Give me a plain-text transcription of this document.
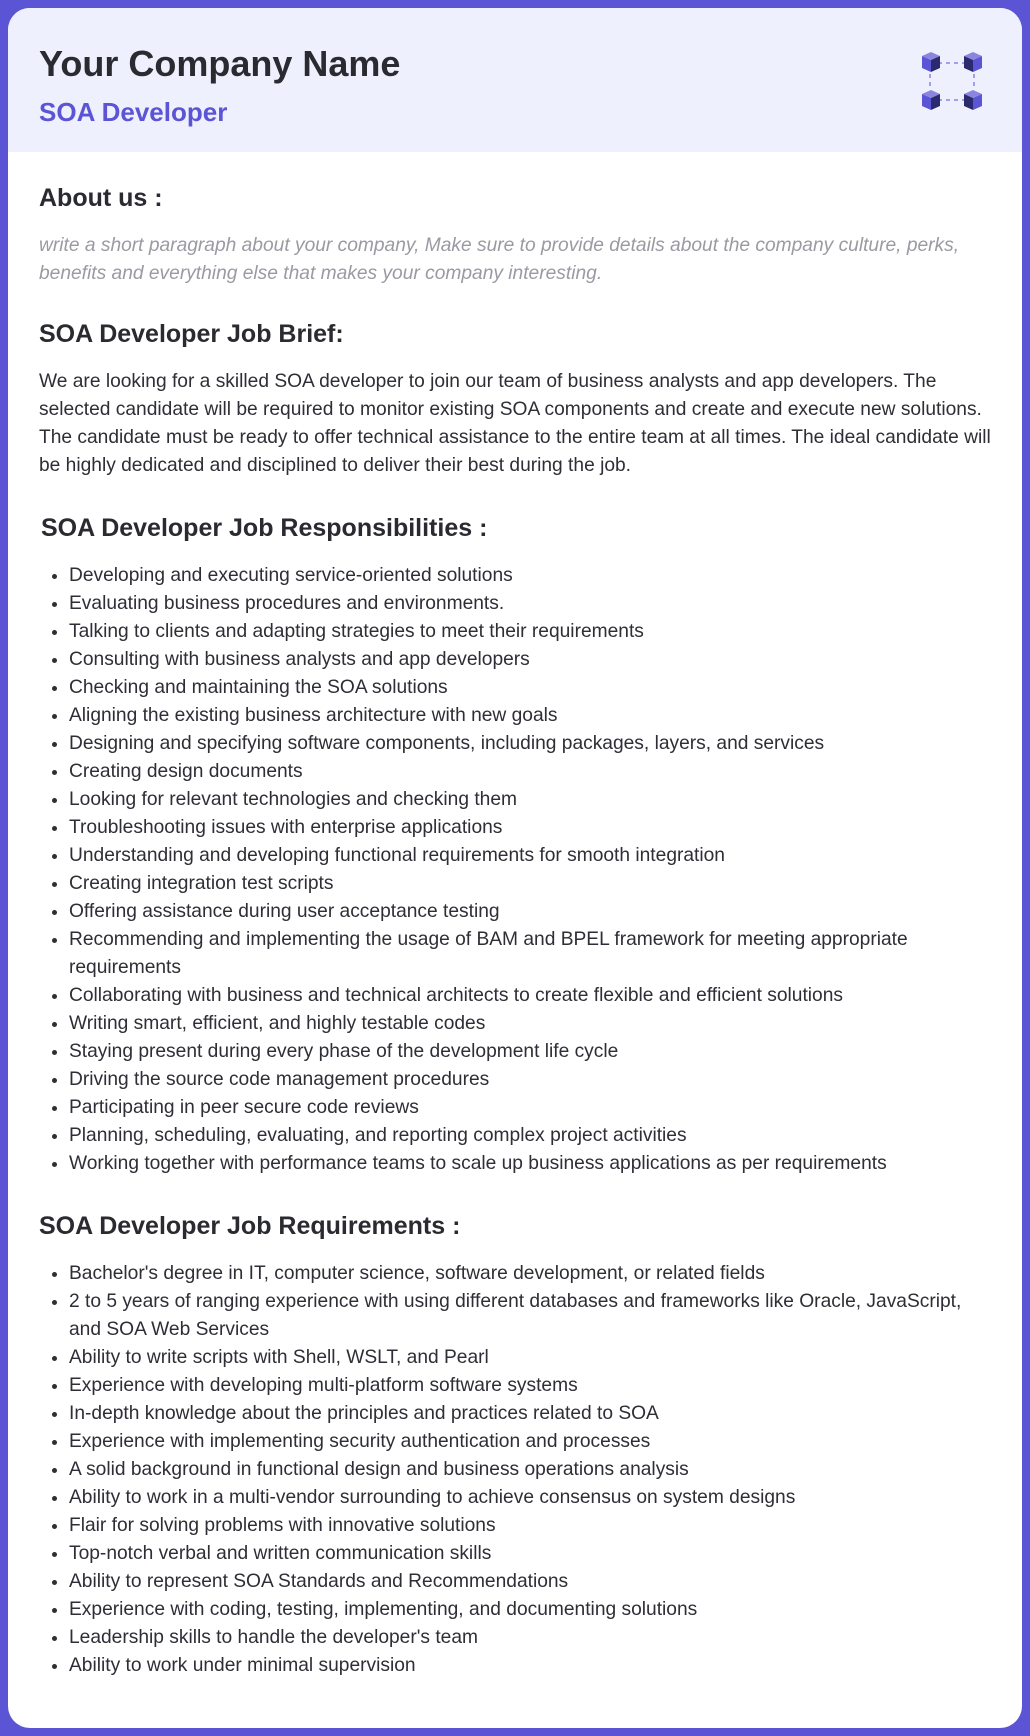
Your Company Name
SOA Developer
About us :

write a short paragraph about your company, Make sure to provide details about the company culture, perks, benefits and everything else that makes your company interesting.

SOA Developer Job Brief:

We are looking for a skilled SOA developer to join our team of business analysts and app developers. The selected candidate will be required to monitor existing SOA components and create and execute new solutions. The candidate must be ready to offer technical assistance to the entire team at all times. The ideal candidate will be highly dedicated and disciplined to deliver their best during the job.

SOA Developer Job Responsibilities :
• Developing and executing service-oriented solutions
• Evaluating business procedures and environments.
• Talking to clients and adapting strategies to meet their requirements
• Consulting with business analysts and app developers
• Checking and maintaining the SOA solutions
• Aligning the existing business architecture with new goals
• Designing and specifying software components, including packages, layers, and services
• Creating design documents
• Looking for relevant technologies and checking them
• Troubleshooting issues with enterprise applications
• Understanding and developing functional requirements for smooth integration
• Creating integration test scripts
• Offering assistance during user acceptance testing
• Recommending and implementing the usage of BAM and BPEL framework for meeting appropriate requirements
• Collaborating with business and technical architects to create flexible and efficient solutions
• Writing smart, efficient, and highly testable codes
• Staying present during every phase of the development life cycle
• Driving the source code management procedures
• Participating in peer secure code reviews
• Planning, scheduling, evaluating, and reporting complex project activities
• Working together with performance teams to scale up business applications as per requirements
SOA Developer Job Requirements :
• Bachelor's degree in IT, computer science, software development, or related fields
• 2 to 5 years of ranging experience with using different databases and frameworks like Oracle, JavaScript, and SOA Web Services
• Ability to write scripts with Shell, WSLT, and Pearl
• Experience with developing multi-platform software systems
• In-depth knowledge about the principles and practices related to SOA
• Experience with implementing security authentication and processes
• A solid background in functional design and business operations analysis
• Ability to work in a multi-vendor surrounding to achieve consensus on system designs
• Flair for solving problems with innovative solutions
• Top-notch verbal and written communication skills
• Ability to represent SOA Standards and Recommendations
• Experience with coding, testing, implementing, and documenting solutions
• Leadership skills to handle the developer's team
• Ability to work under minimal supervision
